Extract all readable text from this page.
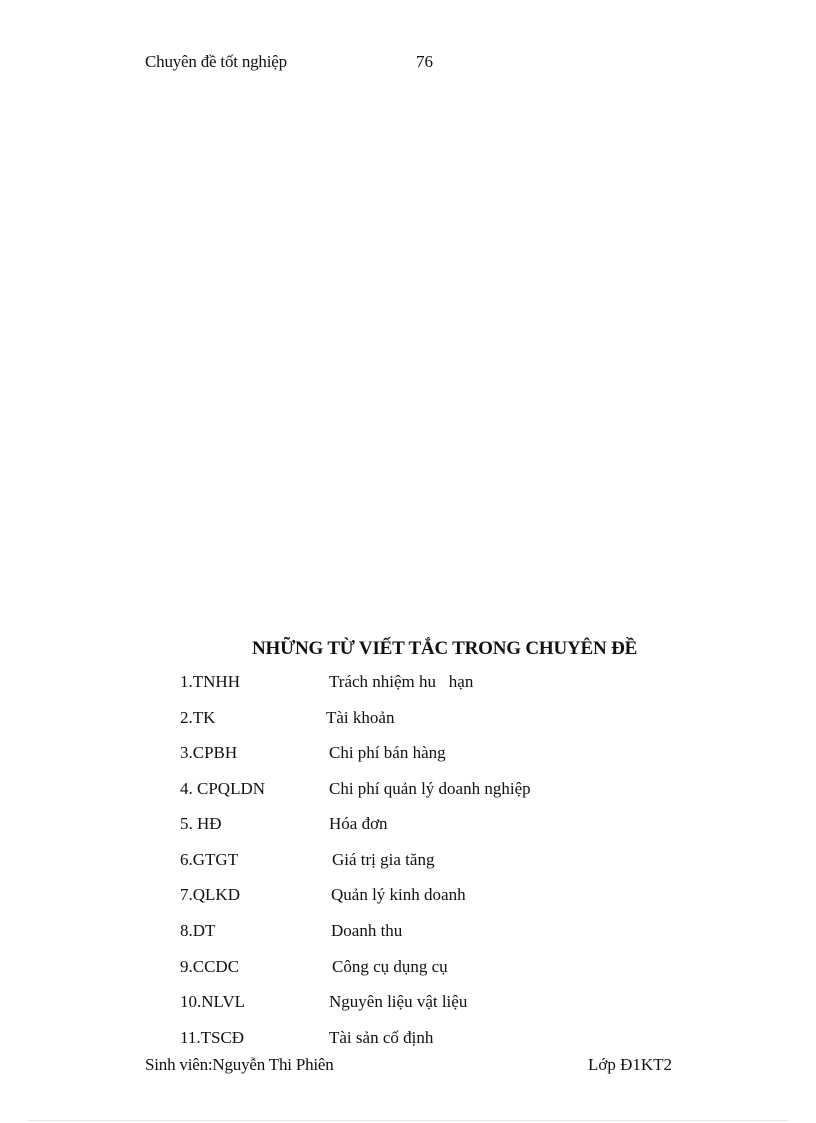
Chuyên đề tốt nghiệp	76
NHỮNG TỪ VIẾT TẮC TRONG CHUYÊN ĐỀ
1.TNHH	Trách nhiệm hu   hạn
2.TK	Tài khoản
3.CPBH	Chi phí bán hàng
4. CPQLDN	Chi phí quản lý doanh nghiệp
5. HĐ	Hóa đơn
6.GTGT	Giá trị gia tăng
7.QLKD	Quản lý kinh doanh
8.DT	Doanh thu
9.CCDC	Công cụ dụng cụ
10.NLVL	Nguyên liệu vật liệu
11.TSCĐ	Tài sản cố định
Sinh viên:Nguyễn Thi Phiên	Lớp Đ1KT2
